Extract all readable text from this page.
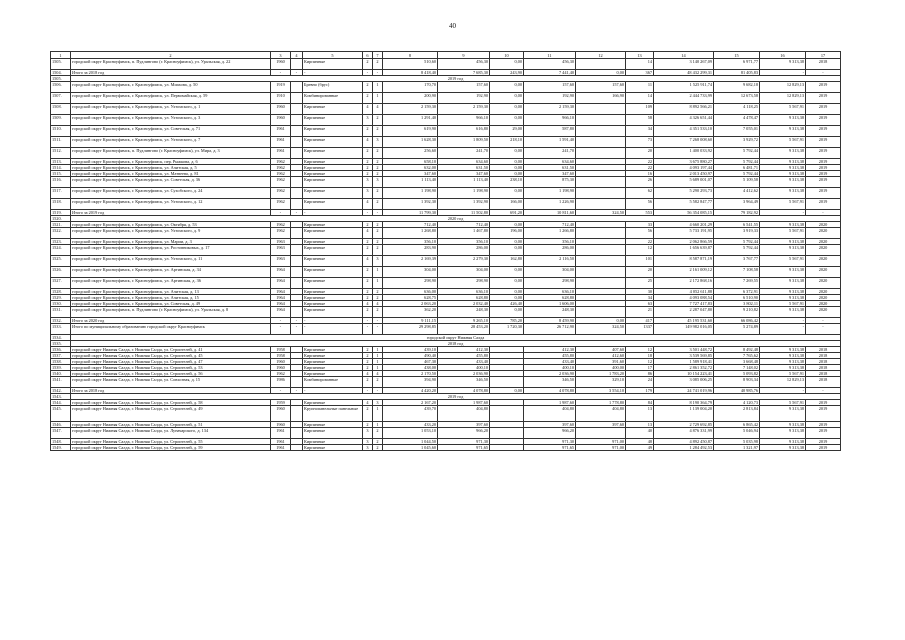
40
1	2	3	4	5	6	7	8	9	10	11	12	13	14	15	16	17
1505.	городской округ Красноуфимск, п. Пудлингово (г. Красноуфимск), ул. Уральская, д. 22	1960		Кирпичные	2	2	510,60	456,30	0,00	456,30		14	3 140 267,09	6 971,77	9 313,38	2018
1504.	Итого за 2018 год	-	-	-	-	-	8 418,40	7 685,30	243,90	7 441,40	0,00	367	48 432 299,31	81 405,83	-	-
1505.	2019 год															
1506.	городской округ Красноуфимск, г. Красноуфимск, ул. Миахова, д. 50	1919		Бревно (брус)	2	1	170,70	157,60	0,00	157,60	157,60	11	1 525 911,74	9 682,18	12 829,13	2019
1507.	городской округ Красноуфимск, г. Красноуфимск, ул. Первомайская, д. 59	1910		Комбинированные	2	1	200,90	192,90	0,00	192,90	166,90	14	2 444 733,99	12 673,58	12 829,13	2019
1508.	городской округ Красноуфимск, г. Красноуфимск, ул. Ухтомского, д. 1	1960		Кирпичные	4	4	2 159,30	2 159,30	0,00	2 159,30		109	8 892 566,21	4 118,25	5 567,91	2019
1509.	городской округ Красноуфимск, г. Красноуфимск, ул. Ухтомского, д. 3	1960		Кирпичные	3	2	1 291,40	966,10	0,00	966,10		58	4 326 651,44	4 478,47	9 313,38	2019
1510.	городской округ Красноуфимск, г. Красноуфимск, ул. Советская, д. 71	1961		Кирпичные	2	2	619,90	616,80	29,00	587,80		34	4 351 533,10	7 055,01	9 313,38	2019
1511.	городской округ Красноуфимск, г. Красноуфимск, ул. Ухтомского, д. 7	1961		Кирпичные	4	3	1 628,30	1 809,50	218,10	1 591,40		73	7 268 008,60	3 929,72	5 567,91	2019
1512.	городской округ Красноуфимск, п. Пудлингово (г. Красноуфимск), ул. Мира, д. 3	1961		Кирпичные	2	2	256,60	241,70	0,00	241,70		20	1 400 033,92	5 792,44	9 313,38	2019
1513.	городской округ Красноуфимск, г. Красноуфимск, пер. Рыжкова, д. 6	1962		Кирпичные	2	2	658,10	634,60	0,00	634,60		22	3 675 880,27	5 792,44	9 313,38	2019
1514.	городской округ Красноуфимск, г. Красноуфимск, ул. Ачитская, д. 5	1962		Кирпичные	2	2	632,00	631,50	0,00	631,50		22	4 093 197,44	6 481,71	9 313,38	2019
1515.	городской округ Красноуфимск, г. Красноуфимск, ул. Матвеева, д. 81	1962		Кирпичные	2	2	347,60	347,60	0,00	347,60		16	2 013 450,97	5 792,44	9 313,38	2019
1516.	городской округ Красноуфимск, г. Красноуфимск, ул. Советская, д. 36	1962		Кирпичные	3	3	1 113,40	1 113,40	238,10	875,30		26	5 689 001,07	5 109,58	9 313,38	2019
1517.	городской округ Красноуфимск, г. Красноуфимск, ул. Сухобского, д. 24	1962		Кирпичные	3	2	1 198,90	1 198,90	0,00	1 198,90		62	5 290 293,73	4 412,62	9 313,38	2019
1518.	городской округ Красноуфимск, г. Красноуфимск, ул. Ухтомского, д. 12	1962		Кирпичные	4	2	1 392,30	1 392,90	166,00	1 226,90		56	5 582 847,77	3 964,49	5 567,91	2019
1519.	Итого за 2019 год	-	-	-	-	-	11 799,30	11 502,80	691,20	10 811,60	324,50	553	56 354 085,15	79 182,92	-	-
1520.	2020 год															
1521.	городской округ Красноуфимск, г. Красноуфимск, ул. Октября, д. 53	1962		Кирпичные	2	2	712,40	712,40	0,00	712,40		33	4 660 201,29	6 541,55	9 313,38	2020
1522.	городской округ Красноуфимск, г. Красноуфимск, ул. Ухтомского, д. 9	1962		Кирпичные	4	2	1 268,80	1 467,80	196,00	1 266,80		56	5 733 191,95	3 919,33	5 567,91	2020
1523.	городской округ Красноуфимск, г. Красноуфимск, ул. Марии, д. 3	1963		Кирпичные	2	2	356,10	356,10	0,00	356,10		22	2 062 866,59	5 792,44	9 313,38	2020
1524.	городской округ Красноуфимск, г. Красноуфимск, ул. Ростовниковых, д. 17	1963		Кирпичные	2	2	283,90	286,00	0,00	286,00		12	1 656 639,87	5 792,44	9 313,38	2020
1525.	городской округ Красноуфимск, г. Красноуфимск, ул. Ухтомского, д. 11	1963		Кирпичные	4	3	2 169,39	2 279,30	162,80	2 116,50		101	8 587 871,19	3 767,77	5 567,91	2020
1526.	городской округ Красноуфимск, г. Красноуфимск, ул. Артинская, д. 34	1964		Кирпичные	2	1	304,00	304,00	0,00	304,00		20	2 161 009,12	7 108,58	9 313,38	2020
1527.	городской округ Красноуфимск, г. Красноуфимск, ул. Артинская, д. 36	1964		Кирпичные	2	1	298,90	298,90	0,00	298,90		25	2 172 868,16	7 269,55	9 313,38	2020
1528.	городской округ Красноуфимск, г. Красноуфимск, ул. Ачитская, д. 13	1964		Кирпичные	2	2	636,00	636,10	0,00	636,10		30	4 052 611,88	6 372,91	9 313,38	2020
1529.	городской округ Красноуфимск, г. Красноуфимск, ул. Ачитская, д. 15	1964		Кирпичные	2	2	628,75	628,80	0,00	628,80		34	4 093 088,54	6 510,90	9 313,38	2020
1530.	городской округ Красноуфимск, г. Красноуфимск, ул. Советская, д. 49	1964		Кирпичные	4	4	2 063,20	2 032,40	426,40	1 606,00		63	7 727 417,83	3 802,11	5 567,91	2020
1531.	городской округ Красноуфимск, п. Пудлингово (г. Красноуфимск), ул. Уральская, д. 8	1964		Кирпичные	2	2	362,20	248,30	0,00	248,30		21	2 287 047,80	9 210,82	9 313,38	2020
1532.	Итого за 2020 год	-	-	-	-	-	9 111,15	9 265,10	785,20	8 459,90	0,00	417	45 195 531,60	66 086,42	-	-
1533.	Итого по муниципальному образованию городской округ Красноуфимск	-	-	-	-	-	29 298,85	28 453,20	1 720,30	26 712,90	324,50	1337	149 982 016,05	5 274,89	-	-
1534.	городской округ Нижняя Салда															
1535.	2018 год															
1536.	городской округ Нижняя Салда, г. Нижняя Салда, ул. Строителей, д. 41	1958		Кирпичные	2	1	439,10	412,30		412,30	407,60	12	3 501 448,72	8 492,48	9 313,38	2018
1537.	городской округ Нижняя Салда, г. Нижняя Салда, ул. Строителей, д. 45	1958		Кирпичные	2	1	490,40	455,80		455,80	412,60	18	3 539 569,85	7 765,62	9 313,38	2018
1538.	городской округ Нижняя Салда, г. Нижняя Салда, ул. Строителей, д. 47	1960		Кирпичные	2	1	467,30	433,40		433,40	391,60	12	1 589 918,41	3 668,48	9 313,38	2018
1539.	городской округ Нижняя Салда, г. Нижняя Салда, ул. Строителей, д. 53	1960		Кирпичные	2	1	438,00	400,10		400,10	400,00	17	2 861 352,72	7 148,02	9 313,38	2018
1540.	городской округ Нижняя Салда, г. Нижняя Салда, ул. Строителей, д. 56	1962		Кирпичные	4	4	2 170,50	2 036,90		2 036,90	1 783,20	86	10 154 223,41	5 093,82	5 567,91	2018
1541.	городской округ Нижняя Салда, г. Нижняя Салда, ул. Совхозная, д. 15	1986		Комбинированные	2	2	394,90	346,50		346,50	329,10	24	3 085 006,25	8 903,34	12 829,13	2018
1542.	Итого за 2018 год	-	-	-	-	-	4 420,20	4 078,80	0,00	4 078,80	3 554,10	179	24 741 019,96	40 985,76	-	-
1543.	2019 год															
1544.	городской округ Нижняя Салда, г. Нижняя Салда, ул. Строителей, д. 58	1959		Кирпичные	4	3	2 167,20	1 987,60		1 987,60	1 778,80	84	8 190 364,79	4 120,73	5 567,91	2019
1545.	городской округ Нижняя Салда, г. Нижняя Салда, ул. Строителей, д. 49	1960		Крупнопанельные панельные	2	1	439,70	404,80		404,80	404,80	13	1 139 004,20	2 813,84	9 313,38	2019
1546.	городской округ Нижняя Салда, г. Нижняя Салда, ул. Строителей, д. 51	1960		Кирпичные	2	1	433,20	397,60		397,60	397,60	13	2 729 692,85	6 865,42	9 313,38	2019
1547.	городской округ Нижняя Салда, г. Нижняя Салда, ул. Луначарского, д. 134	1961		Кирпичные	3	2	1 053,10	966,20		966,20		40	4 876 331,99	5 046,94	9 313,38	2019
1548.	городской округ Нижняя Салда, г. Нижняя Салда, ул. Строителей, д. 55	1961		Кирпичные	3	2	1 044,50	971,30		971,30	971,00	48	4 892 450,87	5 035,98	9 313,38	2019
1549.	городской округ Нижняя Салда, г. Нижняя Салда, ул. Строителей, д. 59	1961		Кирпичные	3	2	1 045,60	971,65		971,65	971,00	49	1 284 492,53	1 321,97	9 313,38	2019
